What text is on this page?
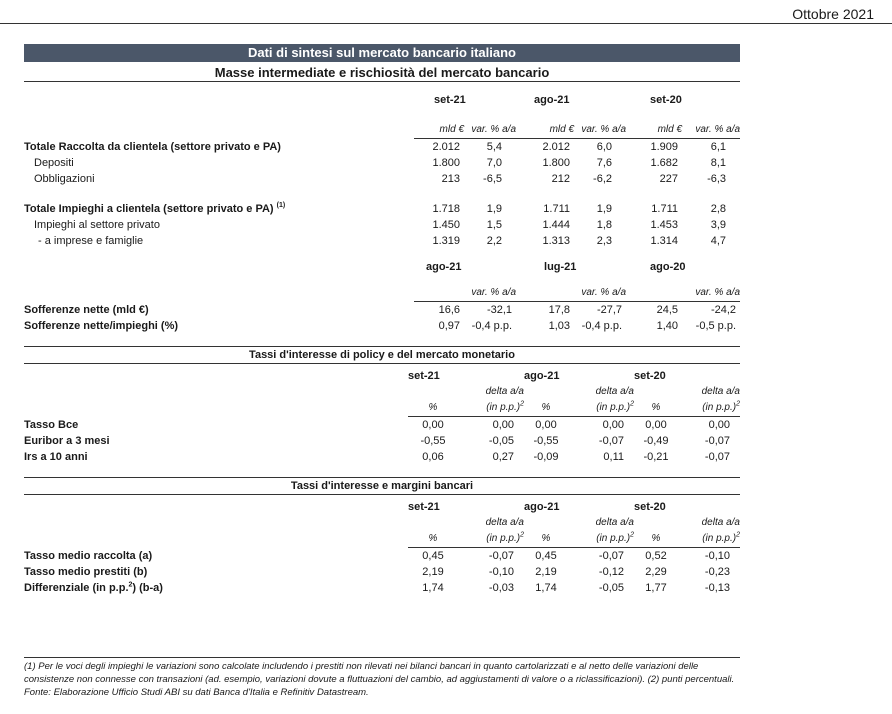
Ottobre 2021
Dati di sintesi sul mercato bancario italiano
Masse intermediate e rischiosità del mercato bancario
	set-21		ago-21		set-20	

	mld €	var. % a/a	mld €	var. % a/a	mld €	var. % a/a
Totale Raccolta da clientela (settore privato e PA)	2.012	5,4	2.012	6,0	1.909	6,1
Depositi	1.800	7,0	1.800	7,6	1.682	8,1
Obbligazioni	213	-6,5	212	-6,2	227	-6,3

Totale Impieghi a clientela (settore privato e PA) $^{(1)}$	1.718	1,9	1.711	1,9	1.711	2,8
Impieghi al settore privato	1.450	1,5	1.444	1,8	1.453	3,9
- a imprese e famiglie	1.319	2,2	1.313	2,3	1.314	4,7

	ago-21		lug-21		ago-20	

		var. % a/a		var. % a/a		var. % a/a
Sofferenze nette (mld €)	16,6	-32,1	17,8	-27,7	24,5	-24,2
Sofferenze nette/impieghi (%)	0,97	-0,4 p.p.	1,03	-0,4 p.p.	1,40	-0,5 p.p.
Tassi d'interesse di policy e del mercato monetario
	set-21		ago-21		set-20	
		delta a/a		delta a/a		delta a/a
	%	(in p.p.)$^2$	%	(in p.p.)$^2$	%	(in p.p.)$^2$
Tasso Bce	0,00	0,00	0,00	0,00	0,00	0,00
Euribor a 3 mesi	-0,55	-0,05	-0,55	-0,07	-0,49	-0,07
Irs a 10 anni	0,06	0,27	-0,09	0,11	-0,21	-0,07
Tassi d'interesse e margini bancari
	set-21		ago-21		set-20	
		delta a/a		delta a/a		delta a/a
	%	(in p.p.)$^2$	%	(in p.p.)$^2$	%	(in p.p.)$^2$
Tasso medio raccolta (a)	0,45	-0,07	0,45	-0,07	0,52	-0,10
Tasso medio prestiti (b)	2,19	-0,10	2,19	-0,12	2,29	-0,23
Differenziale (in p.p.$^2$) (b-a)	1,74	-0,03	1,74	-0,05	1,77	-0,13
(1) Per le voci degli impieghi le variazioni sono calcolate includendo i prestiti non rilevati nei bilanci bancari in quanto cartolarizzati e al netto delle variazioni delle consistenze non connesse con transazioni (ad. esempio, variazioni dovute a fluttuazioni del cambio, ad aggiustamenti di valore o a riclassificazioni). (2) punti percentuali. Fonte: Elaborazione Ufficio Studi ABI su dati Banca d'Italia e Refinitiv Datastream.
